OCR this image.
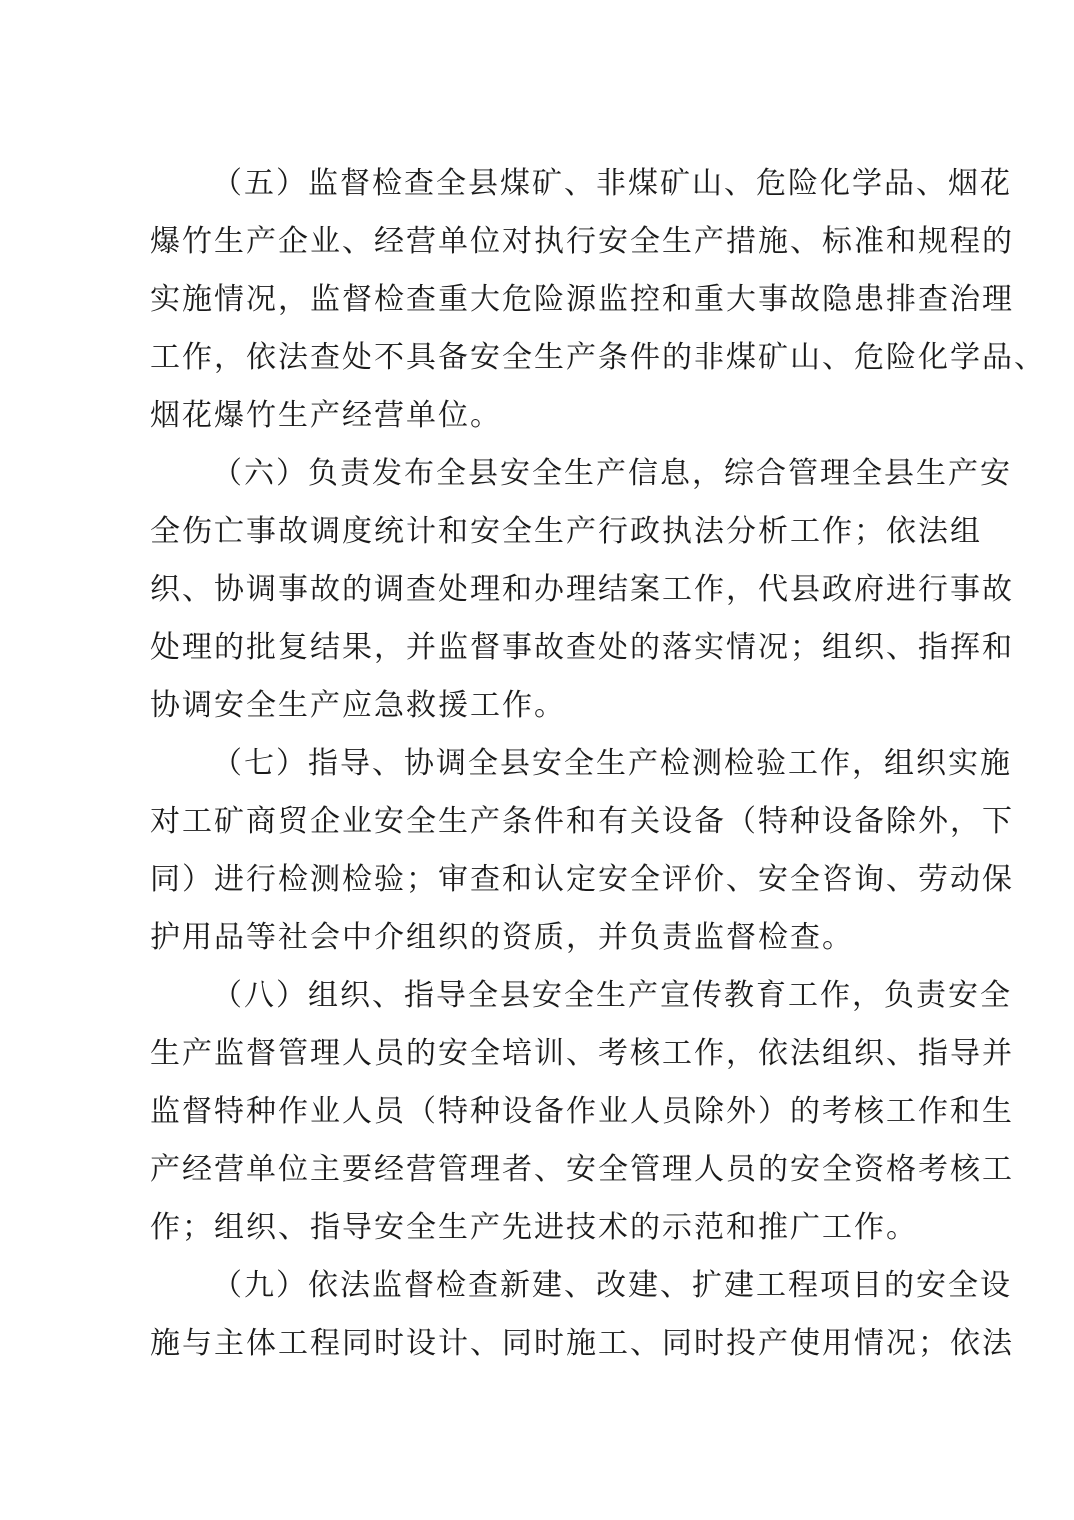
（五）监督检查全县煤矿、非煤矿山、危险化学品、烟花
爆竹生产企业、经营单位对执行安全生产措施、标准和规程的
实施情况，监督检查重大危险源监控和重大事故隐患排查治理
工作，依法查处不具备安全生产条件的非煤矿山、危险化学品、
烟花爆竹生产经营单位。
（六）负责发布全县安全生产信息，综合管理全县生产安
全伤亡事故调度统计和安全生产行政执法分析工作；依法组
织、协调事故的调查处理和办理结案工作，代县政府进行事故
处理的批复结果，并监督事故查处的落实情况；组织、指挥和
协调安全生产应急救援工作。
（七）指导、协调全县安全生产检测检验工作，组织实施
对工矿商贸企业安全生产条件和有关设备（特种设备除外，下
同）进行检测检验；审查和认定安全评价、安全咨询、劳动保
护用品等社会中介组织的资质，并负责监督检查。
（八）组织、指导全县安全生产宣传教育工作，负责安全
生产监督管理人员的安全培训、考核工作，依法组织、指导并
监督特种作业人员（特种设备作业人员除外）的考核工作和生
产经营单位主要经营管理者、安全管理人员的安全资格考核工
作；组织、指导安全生产先进技术的示范和推广工作。
（九）依法监督检查新建、改建、扩建工程项目的安全设
施与主体工程同时设计、同时施工、同时投产使用情况；依法
